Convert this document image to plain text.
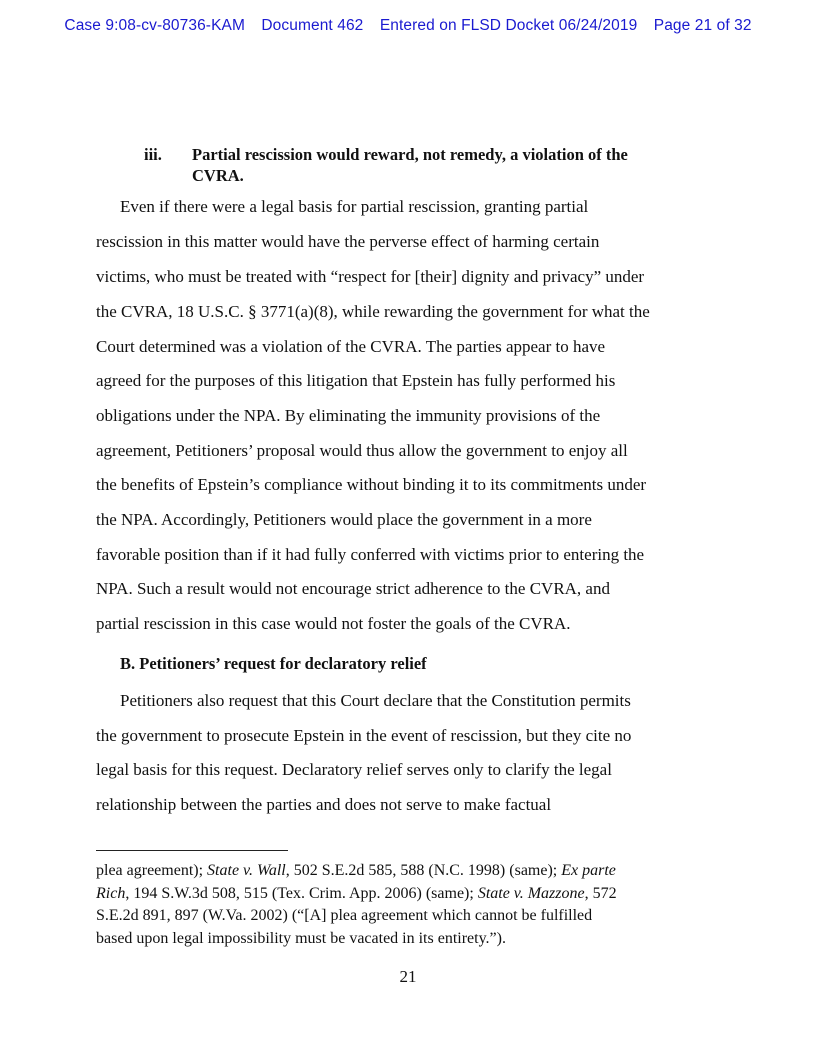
Case 9:08-cv-80736-KAM Document 462 Entered on FLSD Docket 06/24/2019 Page 21 of 32
iii. Partial rescission would reward, not remedy, a violation of the
CVRA.
Even if there were a legal basis for partial rescission, granting partial
rescission in this matter would have the perverse effect of harming certain
victims, who must be treated with “respect for [their] dignity and privacy” under
the CVRA, 18 U.S.C. § 3771(a)(8), while rewarding the government for what the
Court determined was a violation of the CVRA. The parties appear to have
agreed for the purposes of this litigation that Epstein has fully performed his
obligations under the NPA. By eliminating the immunity provisions of the
agreement, Petitioners’ proposal would thus allow the government to enjoy all
the benefits of Epstein’s compliance without binding it to its commitments under
the NPA. Accordingly, Petitioners would place the government in a more
favorable position than if it had fully conferred with victims prior to entering the
NPA. Such a result would not encourage strict adherence to the CVRA, and
partial rescission in this case would not foster the goals of the CVRA.
B. Petitioners’ request for declaratory relief
Petitioners also request that this Court declare that the Constitution permits
the government to prosecute Epstein in the event of rescission, but they cite no
legal basis for this request. Declaratory relief serves only to clarify the legal
relationship between the parties and does not serve to make factual
plea agreement); State v. Wall, 502 S.E.2d 585, 588 (N.C. 1998) (same); Ex parte
Rich, 194 S.W.3d 508, 515 (Tex. Crim. App. 2006) (same); State v. Mazzone, 572
S.E.2d 891, 897 (W.Va. 2002) (“[A] plea agreement which cannot be fulfilled
based upon legal impossibility must be vacated in its entirety.”).
21
